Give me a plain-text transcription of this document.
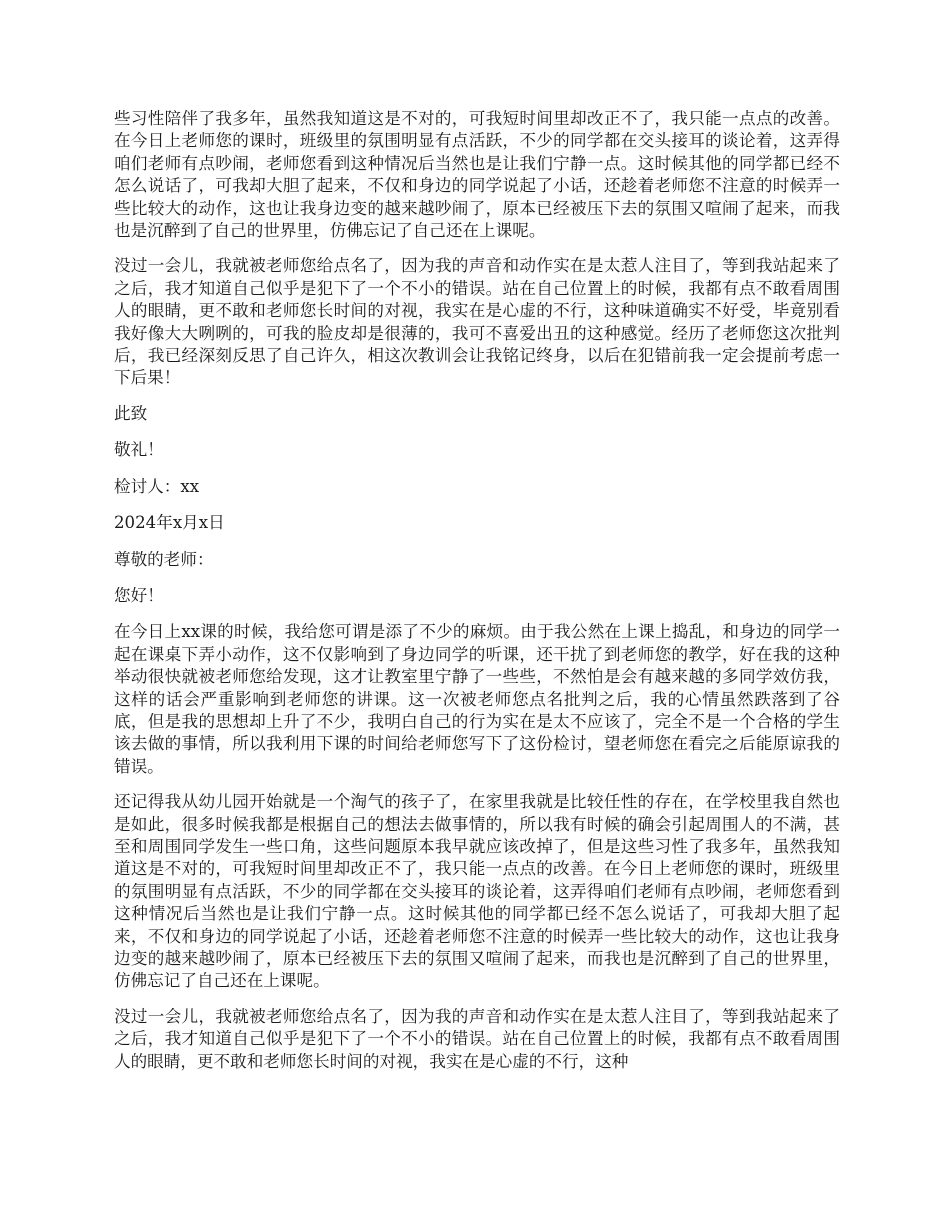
些习性陪伴了我多年，虽然我知道这是不对的，可我短时间里却改正不了，我只能一点点的改善。在今日上老师您的课时，班级里的氛围明显有点活跃，不少的同学都在交头接耳的谈论着，这弄得咱们老师有点吵闹，老师您看到这种情况后当然也是让我们宁静一点。这时候其他的同学都已经不怎么说话了，可我却大胆了起来，不仅和身边的同学说起了小话，还趁着老师您不注意的时候弄一些比较大的动作，这也让我身边变的越来越吵闹了，原本已经被压下去的氛围又喧闹了起来，而我也是沉醉到了自己的世界里，仿佛忘记了自己还在上课呢。

没过一会儿，我就被老师您给点名了，因为我的声音和动作实在是太惹人注目了，等到我站起来了之后，我才知道自己似乎是犯下了一个不小的错误。站在自己位置上的时候，我都有点不敢看周围人的眼睛，更不敢和老师您长时间的对视，我实在是心虚的不行，这种味道确实不好受，毕竟别看我好像大大咧咧的，可我的脸皮却是很薄的，我可不喜爱出丑的这种感觉。经历了老师您这次批判后，我已经深刻反思了自己许久，相这次教训会让我铭记终身，以后在犯错前我一定会提前考虑一下后果！

此致

敬礼！

检讨人：xx

2024年x月x日

尊敬的老师：

您好！

在今日上xx课的时候，我给您可谓是添了不少的麻烦。由于我公然在上课上捣乱，和身边的同学一起在课桌下弄小动作，这不仅影响到了身边同学的听课，还干扰了到老师您的教学，好在我的这种举动很快就被老师您给发现，这才让教室里宁静了一些些，不然怕是会有越来越的多同学效仿我，这样的话会严重影响到老师您的讲课。这一次被老师您点名批判之后，我的心情虽然跌落到了谷底，但是我的思想却上升了不少，我明白自己的行为实在是太不应该了，完全不是一个合格的学生该去做的事情，所以我利用下课的时间给老师您写下了这份检讨，望老师您在看完之后能原谅我的错误。

还记得我从幼儿园开始就是一个淘气的孩子了，在家里我就是比较任性的存在，在学校里我自然也是如此，很多时候我都是根据自己的想法去做事情的，所以我有时候的确会引起周围人的不满，甚至和周围同学发生一些口角，这些问题原本我早就应该改掉了，但是这些习性了我多年，虽然我知道这是不对的，可我短时间里却改正不了，我只能一点点的改善。在今日上老师您的课时，班级里的氛围明显有点活跃，不少的同学都在交头接耳的谈论着，这弄得咱们老师有点吵闹，老师您看到这种情况后当然也是让我们宁静一点。这时候其他的同学都已经不怎么说话了，可我却大胆了起来，不仅和身边的同学说起了小话，还趁着老师您不注意的时候弄一些比较大的动作，这也让我身边变的越来越吵闹了，原本已经被压下去的氛围又喧闹了起来，而我也是沉醉到了自己的世界里，仿佛忘记了自己还在上课呢。

没过一会儿，我就被老师您给点名了，因为我的声音和动作实在是太惹人注目了，等到我站起来了之后，我才知道自己似乎是犯下了一个不小的错误。站在自己位置上的时候，我都有点不敢看周围人的眼睛，更不敢和老师您长时间的对视，我实在是心虚的不行，这种
